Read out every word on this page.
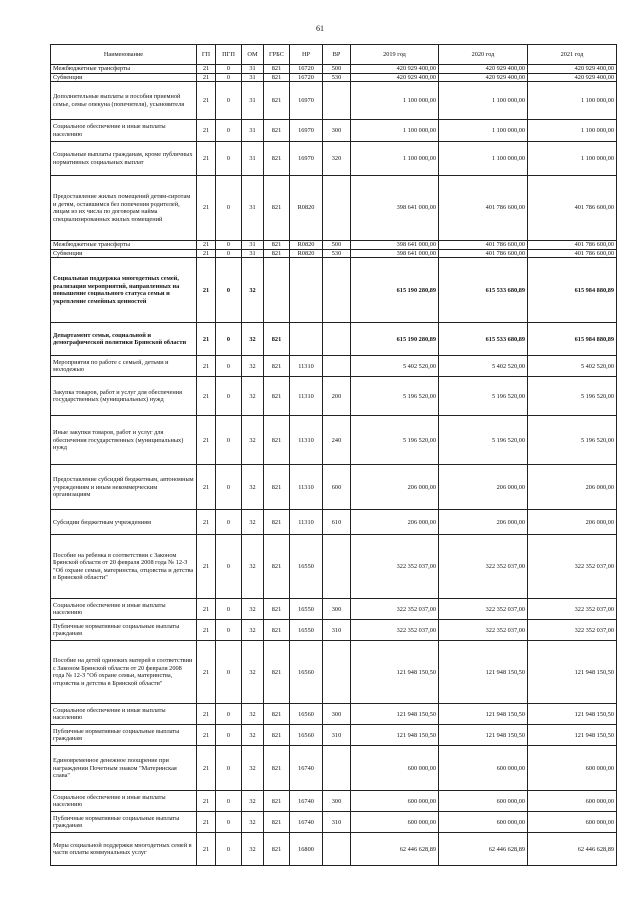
61
Наименование	ГП	ПГП	ОМ	ГРБС	НР	ВР	2019 год	2020 год	2021 год
Межбюджетные трансферты	21	0	31	821	16720	500	420 929 400,00	420 929 400,00	420 929 400,00
Субвенции	21	0	31	821	16720	530	420 929 400,00	420 929 400,00	420 929 400,00
Дополнительные выплаты и пособия приемной семье, семье опекуна (попечителя), усыновителя	21	0	31	821	16970		1 100 000,00	1 100 000,00	1 100 000,00
Социальное обеспечение и иные выплаты населению	21	0	31	821	16970	300	1 100 000,00	1 100 000,00	1 100 000,00
Социальные выплаты гражданам, кроме публичных нормативных социальных выплат	21	0	31	821	16970	320	1 100 000,00	1 100 000,00	1 100 000,00
Предоставление жилых помещений детям-сиротам и детям, оставшимся без попечения родителей, лицам из их числа по договорам найма специализированных жилых помещений	21	0	31	821	R0820		398 641 000,00	401 786 600,00	401 786 600,00
Межбюджетные трансферты	21	0	31	821	R0820	500	398 641 000,00	401 786 600,00	401 786 600,00
Субвенции	21	0	31	821	R0820	530	398 641 000,00	401 786 600,00	401 786 600,00
Социальная поддержка многодетных семей, реализация мероприятий, направленных на повышение социального статуса семьи и укрепление семейных ценностей	21	0	32				615 190 280,89	615 533 680,89	615 984 880,89
Департамент семьи, социальной и демографической политики Брянской области	21	0	32	821			615 190 280,89	615 533 680,89	615 984 880,89
Мероприятия по работе с семьей, детьми и молодежью	21	0	32	821	11310		5 402 520,00	5 402 520,00	5 402 520,00
Закупка товаров, работ и услуг для обеспечения государственных (муниципальных) нужд	21	0	32	821	11310	200	5 196 520,00	5 196 520,00	5 196 520,00
Иные закупки товаров, работ и услуг для обеспечения государственных (муниципальных) нужд	21	0	32	821	11310	240	5 196 520,00	5 196 520,00	5 196 520,00
Предоставление субсидий бюджетным, автономным учреждениям и иным некоммерческим организациям	21	0	32	821	11310	600	206 000,00	206 000,00	206 000,00
Субсидии бюджетным учреждениям	21	0	32	821	11310	610	206 000,00	206 000,00	206 000,00
Пособие на ребенка в соответствии с Законом Брянской области от 20 февраля 2008 года № 12-З "Об охране семьи, материнства, отцовства и детства в Брянской области"	21	0	32	821	16550		322 352 037,00	322 352 037,00	322 352 037,00
Социальное обеспечение и иные выплаты населению	21	0	32	821	16550	300	322 352 037,00	322 352 037,00	322 352 037,00
Публичные нормативные социальные выплаты гражданам	21	0	32	821	16550	310	322 352 037,00	322 352 037,00	322 352 037,00
Пособие на детей одиноких матерей в соответствии с Законом Брянской области от 20 февраля 2008 года № 12-З "Об охране семьи, материнства, отцовства и детства в Брянской области"	21	0	32	821	16560		121 948 150,50	121 948 150,50	121 948 150,50
Социальное обеспечение и иные выплаты населению	21	0	32	821	16560	300	121 948 150,50	121 948 150,50	121 948 150,50
Публичные нормативные социальные выплаты гражданам	21	0	32	821	16560	310	121 948 150,50	121 948 150,50	121 948 150,50
Единовременное денежное поощрение при награждении Почетным знаком "Материнская слава"	21	0	32	821	16740		600 000,00	600 000,00	600 000,00
Социальное обеспечение и иные выплаты населению	21	0	32	821	16740	300	600 000,00	600 000,00	600 000,00
Публичные нормативные социальные выплаты гражданам	21	0	32	821	16740	310	600 000,00	600 000,00	600 000,00
Меры социальной поддержки многодетных семей в части оплаты коммунальных услуг	21	0	32	821	16800		62 446 628,89	62 446 628,89	62 446 628,89
